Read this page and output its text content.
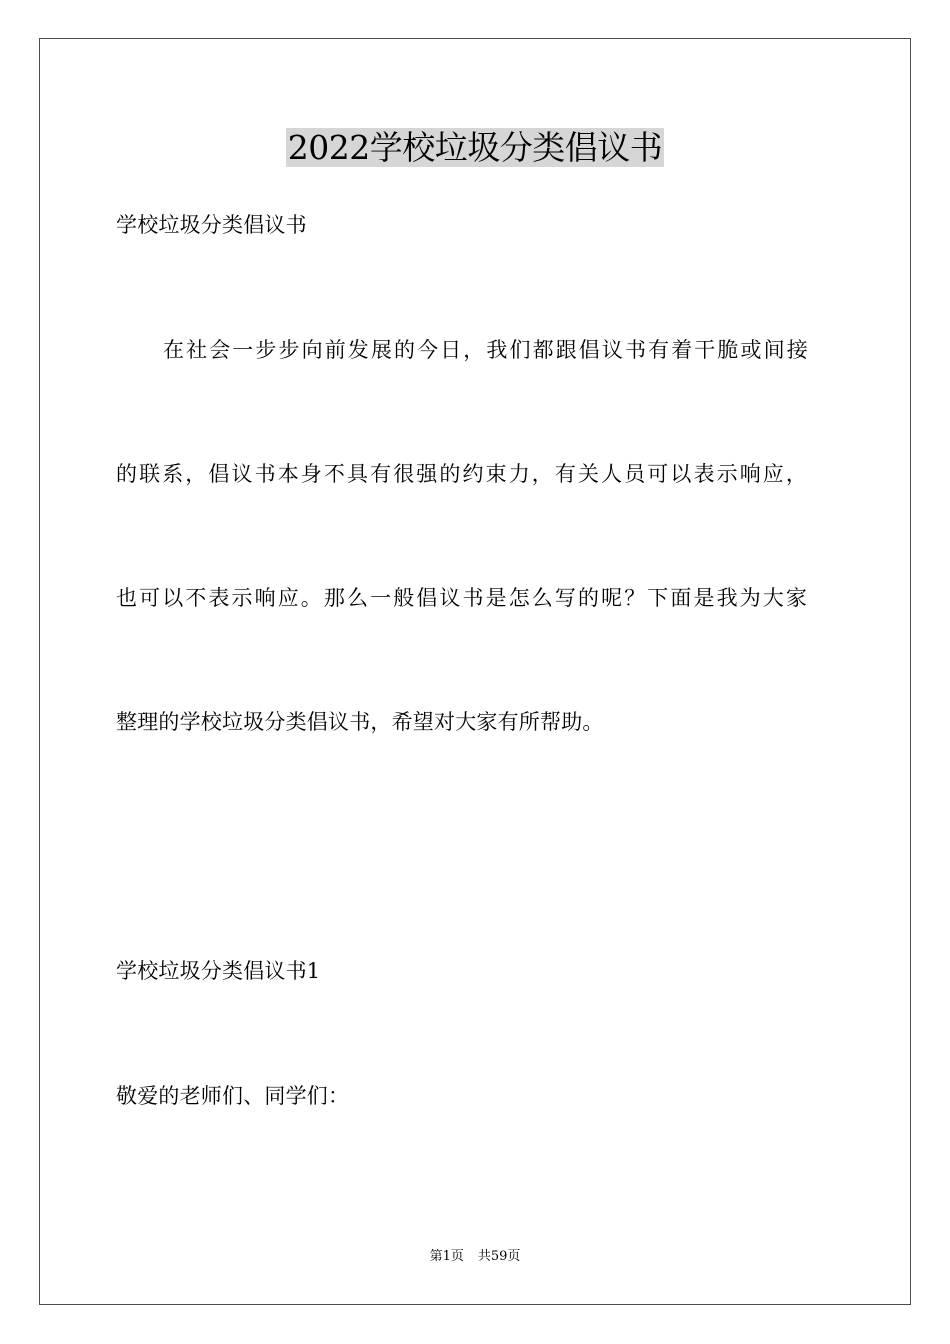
2022学校垃圾分类倡议书
学校垃圾分类倡议书
在社会一步步向前发展的今日，我们都跟倡议书有着干脆或间接
的联系，倡议书本身不具有很强的约束力，有关人员可以表示响应，
也可以不表示响应。那么一般倡议书是怎么写的呢？下面是我为大家
整理的学校垃圾分类倡议书，希望对大家有所帮助。
学校垃圾分类倡议书1
敬爱的老师们、同学们：
第1页 共59页
